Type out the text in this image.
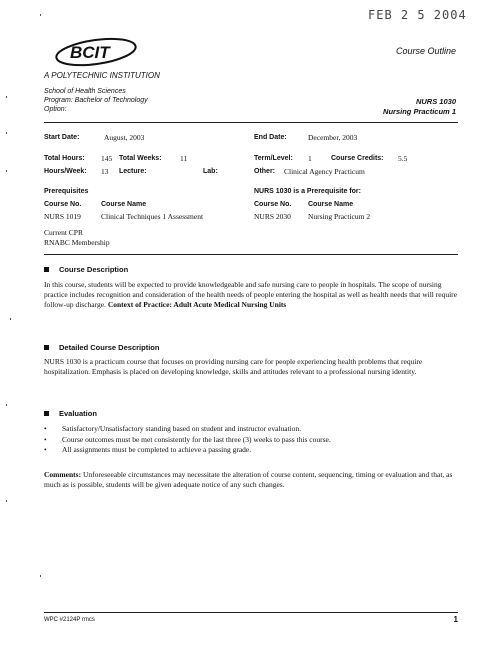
FEB 2 5 2004
BCIT	Course Outline
A POLYTECHNIC INSTITUTION
School of Health Sciences
Program: Bachelor of Technology
Option:
NURS 1030
Nursing Practicum 1
Start Date:	August, 2003	End Date:	December, 2003
Total Hours: 145 Total Weeks: 11	Term/Level: 1	Course Credits: 5.5
Hours/Week: 13 Lecture:	Lab:	Other: Clinical Agency Practicum
Prerequisites
Course No.	Course Name
NURS 1019	Clinical Techniques 1 Assessment
Current CPR
RNABC Membership
NURS 1030 is a Prerequisite for:
Course No. Course Name
NURS 2030 Nursing Practicum 2
Course Description
In this course, students will be expected to provide knowledgeable and safe nursing care to people in hospitals. The scope of nursing practice includes recognition and consideration of the health needs of people entering the hospital as well as health needs that will require follow-up discharge. Context of Practice: Adult Acute Medical Nursing Units
Detailed Course Description
NURS 1030 is a practicum course that focuses on providing nursing care for people experiencing health problems that require hospitalization. Emphasis is placed on developing knowledge, skills and attitudes relevant to a professional nursing identity.
Evaluation
• Satisfactory/Unsatisfactory standing based on student and instructor evaluation.
• Course outcomes must be met consistently for the last three (3) weeks to pass this course.
• All assignments must be completed to achieve a passing grade.
Comments: Unforeseeable circumstances may necessitate the alteration of course content, sequencing, timing or evaluation and that, as much as is possible, students will be given adequate notice of any such changes.
WPC #2124P rmcs	1
